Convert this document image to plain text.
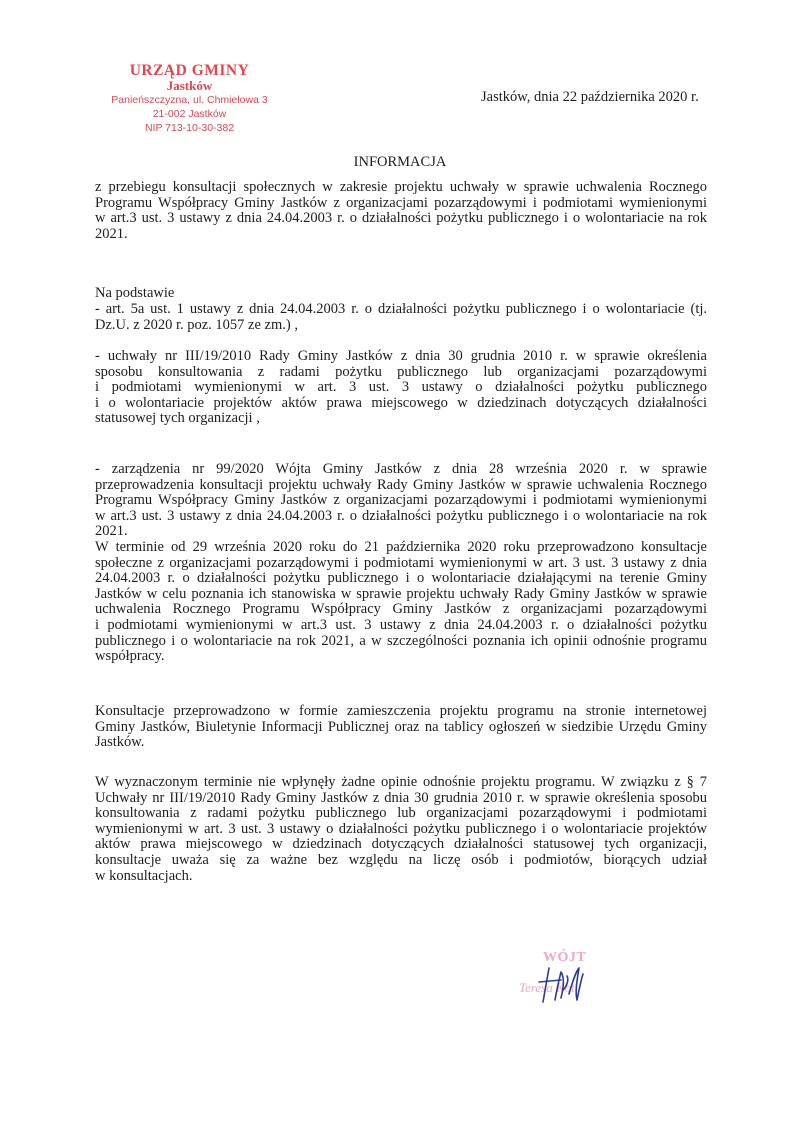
URZĄD GMINY
Jastków
Panieńszczyzna, ul. Chmielowa 3
21-002 Jastków
NIP 713-10-30-382
Jastków, dnia 22 października 2020 r.
INFORMACJA
z przebiegu konsultacji społecznych w zakresie projektu uchwały w sprawie uchwalenia Rocznego
Programu Współpracy Gminy Jastków z organizacjami pozarządowymi i podmiotami wymienionymi
w art.3 ust. 3 ustawy z dnia 24.04.2003 r. o działalności pożytku publicznego i o wolontariacie na rok
2021.
Na podstawie
- art. 5a ust. 1 ustawy z dnia 24.04.2003 r. o działalności pożytku publicznego i o wolontariacie (tj.
Dz.U. z 2020 r. poz. 1057 ze zm.) ,
- uchwały nr III/19/2010 Rady Gminy Jastków z dnia 30 grudnia 2010 r. w sprawie określenia
sposobu konsultowania z radami pożytku publicznego lub organizacjami pozarządowymi
i podmiotami wymienionymi w art. 3 ust. 3 ustawy o działalności pożytku publicznego
i o wolontariacie projektów aktów prawa miejscowego w dziedzinach dotyczących działalności
statusowej tych organizacji ,
- zarządzenia nr 99/2020 Wójta Gminy Jastków z dnia 28 września 2020 r. w sprawie
przeprowadzenia konsultacji projektu uchwały Rady Gminy Jastków w sprawie uchwalenia Rocznego
Programu Współpracy Gminy Jastków z organizacjami pozarządowymi i podmiotami wymienionymi
w art.3 ust. 3 ustawy z dnia 24.04.2003 r. o działalności pożytku publicznego i o wolontariacie na rok
2021.
W terminie od 29 września 2020 roku do 21 października 2020 roku przeprowadzono konsultacje
społeczne z organizacjami pozarządowymi i podmiotami wymienionymi w art. 3 ust. 3 ustawy z dnia
24.04.2003 r. o działalności pożytku publicznego i o wolontariacie działającymi na terenie Gminy
Jastków w celu poznania ich stanowiska w sprawie projektu uchwały Rady Gminy Jastków w sprawie
uchwalenia Rocznego Programu Współpracy Gminy Jastków z organizacjami pozarządowymi
i podmiotami wymienionymi w art.3 ust. 3 ustawy z dnia 24.04.2003 r. o działalności pożytku
publicznego i o wolontariacie na rok 2021, a w szczególności poznania ich opinii odnośnie programu
współpracy.
Konsultacje przeprowadzono w formie zamieszczenia projektu programu na stronie internetowej
Gminy Jastków, Biuletynie Informacji Publicznej oraz na tablicy ogłoszeń w siedzibie Urzędu Gminy
Jastków.
W wyznaczonym terminie nie wpłynęły żadne opinie odnośnie projektu programu. W związku z § 7
Uchwały nr III/19/2010 Rady Gminy Jastków z dnia 30 grudnia 2010 r. w sprawie określenia sposobu
konsultowania z radami pożytku publicznego lub organizacjami pozarządowymi i podmiotami
wymienionymi w art. 3 ust. 3 ustawy o działalności pożytku publicznego i o wolontariacie projektów
aktów prawa miejscowego w dziedzinach dotyczących działalności statusowej tych organizacji,
konsultacje uważa się za ważne bez względu na liczę osób i podmiotów, biorących udział
w konsultacjach.
WÓJT
Teresa Kot
